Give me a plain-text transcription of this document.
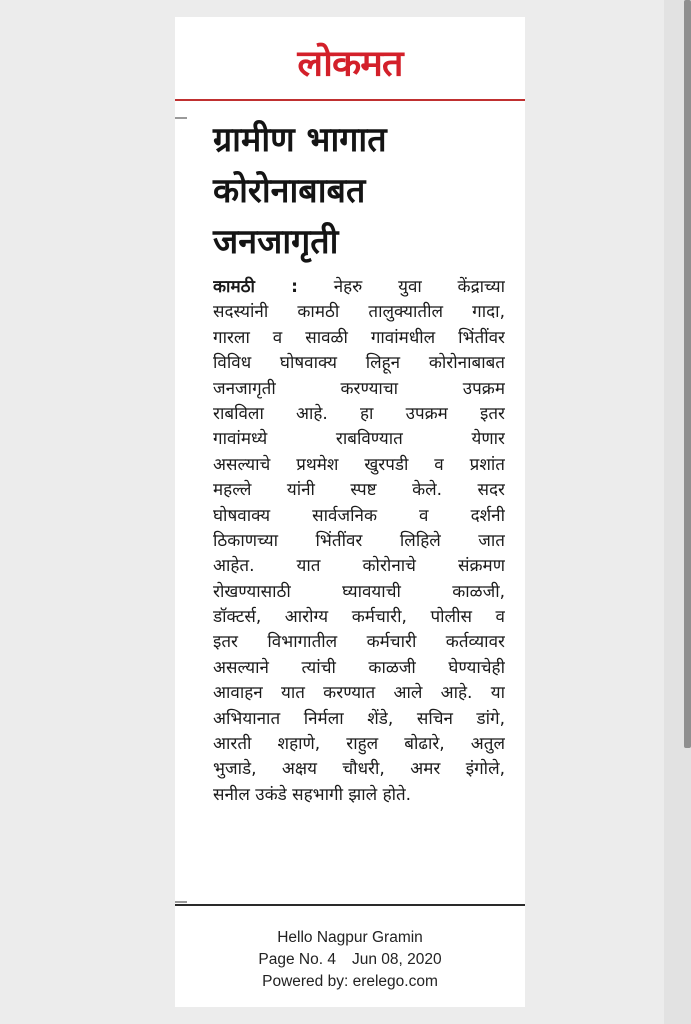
लोकमत
ग्रामीण भागात
कोरोनाबाबत
जनजागृती
कामठी : नेहरु युवा केंद्राच्या
सदस्यांनी कामठी तालुक्यातील गादा,
गारला व सावळी गावांमधील भिंतींवर
विविध घोषवाक्य लिहून कोरोनाबाबत
जनजागृती करण्याचा उपक्रम
राबविला आहे. हा उपक्रम इतर
गावांमध्ये राबविण्यात येणार
असल्याचे प्रथमेश खुरपडी व प्रशांत
महल्ले यांनी स्पष्ट केले. सदर
घोषवाक्य सार्वजनिक व दर्शनी
ठिकाणच्या भिंतींवर लिहिले जात
आहेत. यात कोरोनाचे संक्रमण
रोखण्यासाठी घ्यावयाची काळजी,
डॉक्टर्स, आरोग्य कर्मचारी, पोलीस व
इतर विभागातील कर्मचारी कर्तव्यावर
असल्याने त्यांची काळजी घेण्याचेही
आवाहन यात करण्यात आले आहे. या
अभियानात निर्मला शेंडे, सचिन डांगे,
आरती शहाणे, राहुल बोढारे, अतुल
भुजाडे, अक्षय चौधरी, अमर इंगोले,
सनील उकंडे सहभागी झाले होते.
Hello Nagpur Gramin
Page No. 4 Jun 08, 2020
Powered by: erelego.com
